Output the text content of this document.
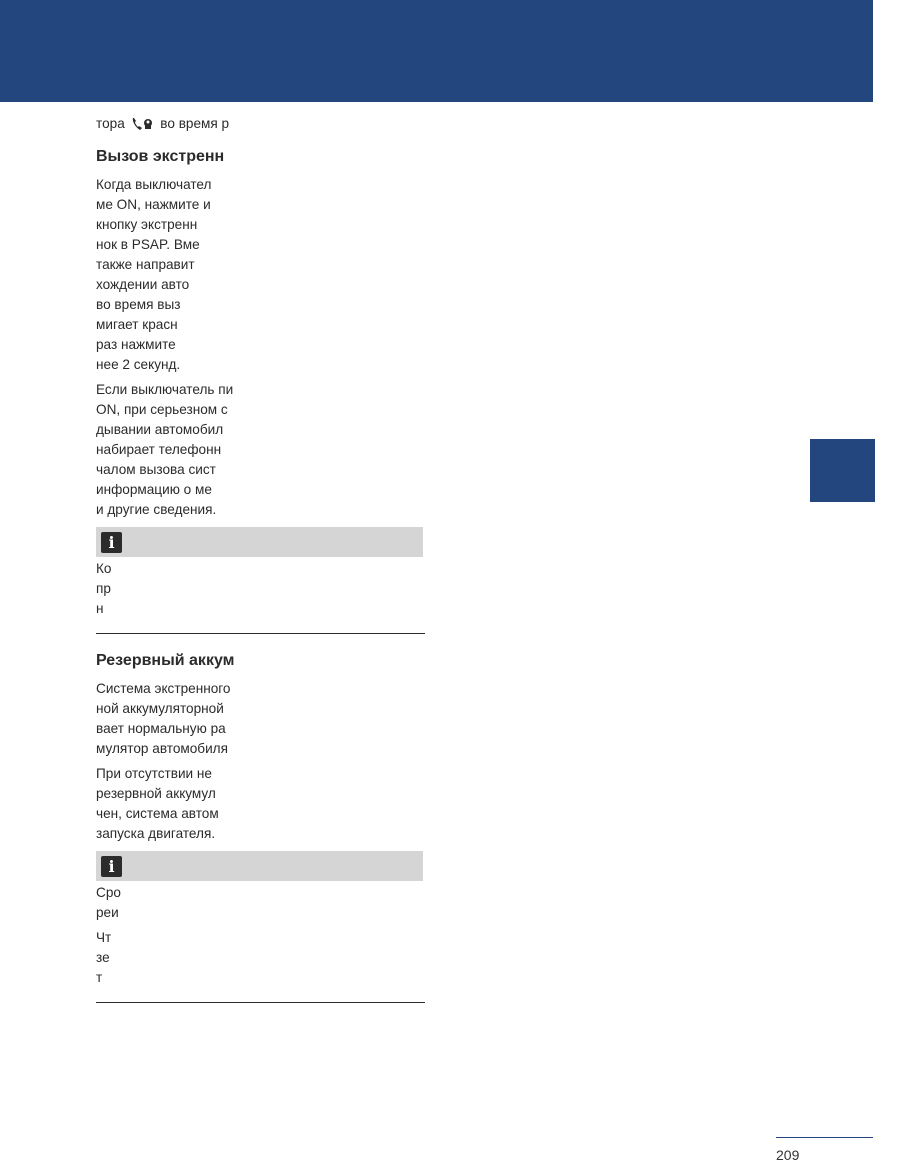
тора  во время р
Вызов экстренн
Когда выключател
ме ON, нажмите и
кнопку экстренн
нок в PSAP. Вме
также направит
хождении авто
во время выз
мигает красн
раз нажмите
нее 2 секунд.
Если выключатель пи
ON, при серьезном с
дывании автомобил
набирает телефонн
чалом вызова сист
информацию о ме
и другие сведения.
i
Ко
пр
н
Резервный аккум
Система экстренного
ной аккумуляторной
вает нормальную ра
мулятор автомобиля
При отсутствии не
резервной аккумул
чен, система автом
запуска двигателя.
i
Сро
реи
Чт
зе
т
209
